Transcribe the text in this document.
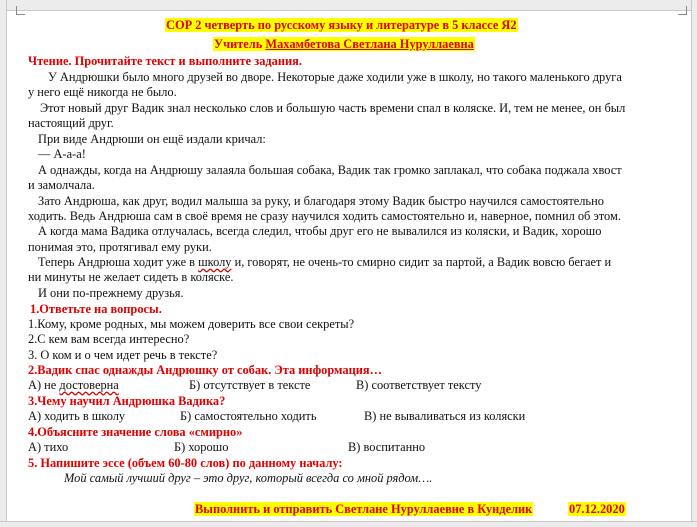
СОР 2 четверть по русскому языку и литературе в 5 классе Я2
Учитель Махамбетова Светлана Нуруллаевна
Чтение. Прочитайте текст и выполните задания.
У Андрюшки было много друзей во дворе. Некоторые даже ходили уже в школу, но такого маленького друга
у него ещё никогда не было.
Этот новый друг Вадик знал несколько слов и большую часть времени спал в коляске. И, тем не менее, он был
настоящий друг.
При виде Андрюши он ещё издали кричал:
— А-а-а!
А однажды, когда на Андрюшу залаяла большая собака, Вадик так громко заплакал, что собака поджала хвост
и замолчала.
Зато Андрюша, как друг, водил малыша за руку, и благодаря этому Вадик быстро научился самостоятельно
ходить. Ведь Андрюша сам в своё время не сразу научился ходить самостоятельно и, наверное, помнил об этом.
А когда мама Вадика отлучалась, всегда следил, чтобы друг его не вывалился из коляски, и Вадик, хорошо
понимая это, протягивал ему руки.
Теперь Андрюша ходит уже в школу и, говорят, не очень-то смирно сидит за партой, а Вадик вовсю бегает и
ни минуты не желает сидеть в коляске.
И они по-прежнему друзья.
1.Ответьте на вопросы.
1.Кому, кроме родных, мы можем доверить все свои секреты?
2.С кем вам всегда интересно?
3. О ком и о чем идет речь в тексте?
2.Вадик спас однажды Андрюшку от собак. Эта информация…
А) не достоверна	Б) отсутствует в тексте	В) соответствует тексту
3.Чему научил Андрюшка Вадика?
А) ходить в школу	Б) самостоятельно ходить	В) не вываливаться из коляски
4.Объясните значение слова «смирно»
А) тихо	Б) хорошо	В) воспитанно
5. Напишите эссе (объем 60-80 слов) по данному началу:
Мой самый лучший друг – это друг, который всегда со мной рядом….
Выполнить и отправить Светлане Нуруллаевне в Кунделик	07.12.2020
